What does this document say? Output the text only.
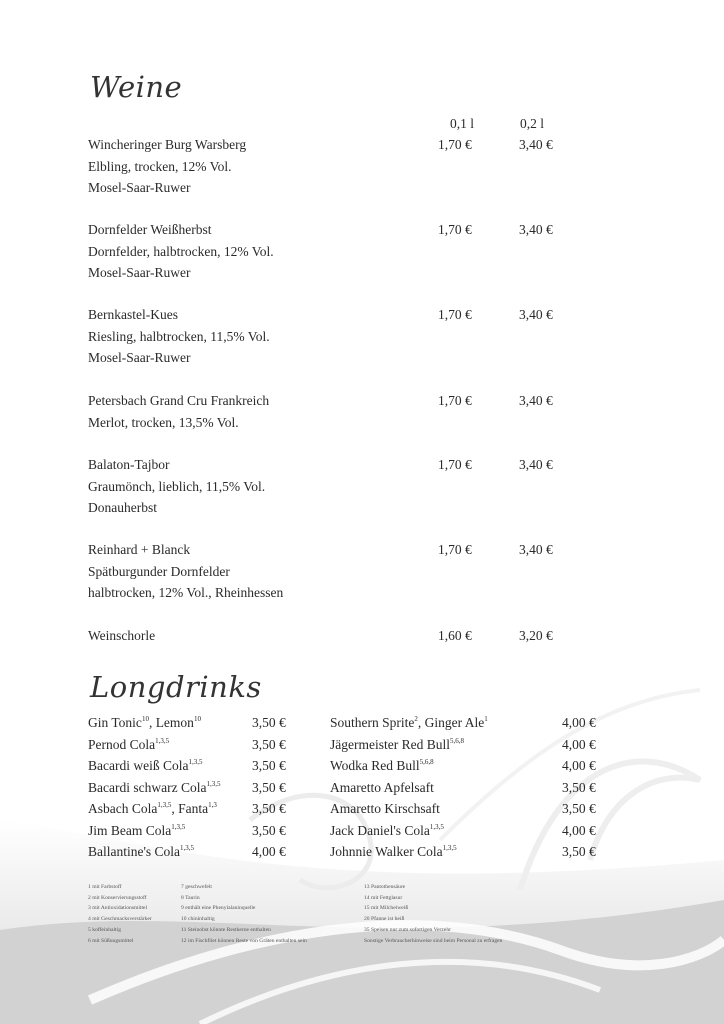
Weine
0,1 l	0,2 l
Wincheringer Burg Warsberg
Elbling, trocken, 12% Vol.
Mosel-Saar-Ruwer
1,70 €	3,40 €
Dornfelder Weißherbst
Dornfelder, halbtrocken, 12% Vol.
Mosel-Saar-Ruwer
1,70 €	3,40 €
Bernkastel-Kues
Riesling, halbtrocken, 11,5% Vol.
Mosel-Saar-Ruwer
1,70 €	3,40 €
Petersbach Grand Cru Frankreich
Merlot, trocken, 13,5% Vol.
1,70 €	3,40 €
Balaton-Tajbor
Graumönch, lieblich, 11,5% Vol.
Donauherbst
1,70 €	3,40 €
Reinhard + Blanck
Spätburgunder Dornfelder
halbtrocken, 12% Vol., Rheinhessen
1,70 €	3,40 €
Weinschorle	1,60 €	3,20 €
Longdrinks
Gin Tonic$^{10}$, Lemon$^{10}$	3,50 €
Pernod Cola$^{1,3,5}$	3,50 €
Bacardi weiß Cola$^{1,3,5}$	3,50 €
Bacardi schwarz Cola$^{1,3,5}$ 3,50 €
Asbach Cola$^{1,3,5}$, Fanta$^{1,3}$	3,50 €
Jim Beam Cola$^{1,3,5}$	3,50 €
Ballantine's Cola$^{1,3,5}$	4,00 €
Southern Sprite$^2$, Ginger Ale$^1$	4,00 €
Jägermeister Red Bull$^{5,6,8}$	4,00 €
Wodka Red Bull$^{5,6,8}$	4,00 €
Amaretto Apfelsaft	3,50 €
Amaretto Kirschsaft	3,50 €
Jack Daniel's Cola$^{1,3,5}$	4,00 €
Johnnie Walker Cola$^{1,3,5}$	3,50 €
1 mit Farbstoff
2 mit Konservierungsstoff
3 mit Antioxidationsmittel
4 mit Geschmacksverstärker
5 koffeinhaltig
6 mit Süßungsmittel
7 geschwefelt
8 Taurin
9 enthält eine Phenylalaninquelle
10 chininhaltig
11 Steinobst könnte Restkerne enthalten
12 im Fischfilet können Reste von Gräten enthalten sein
13 Pantothensäure
14 mit Fettglasur
15 mit Milcheiweiß
20 Pfanne ist heiß
35 Speisen nur zum sofortigen Verzehr
Sonstige Verbraucherhinweise sind beim Personal zu erfragen
